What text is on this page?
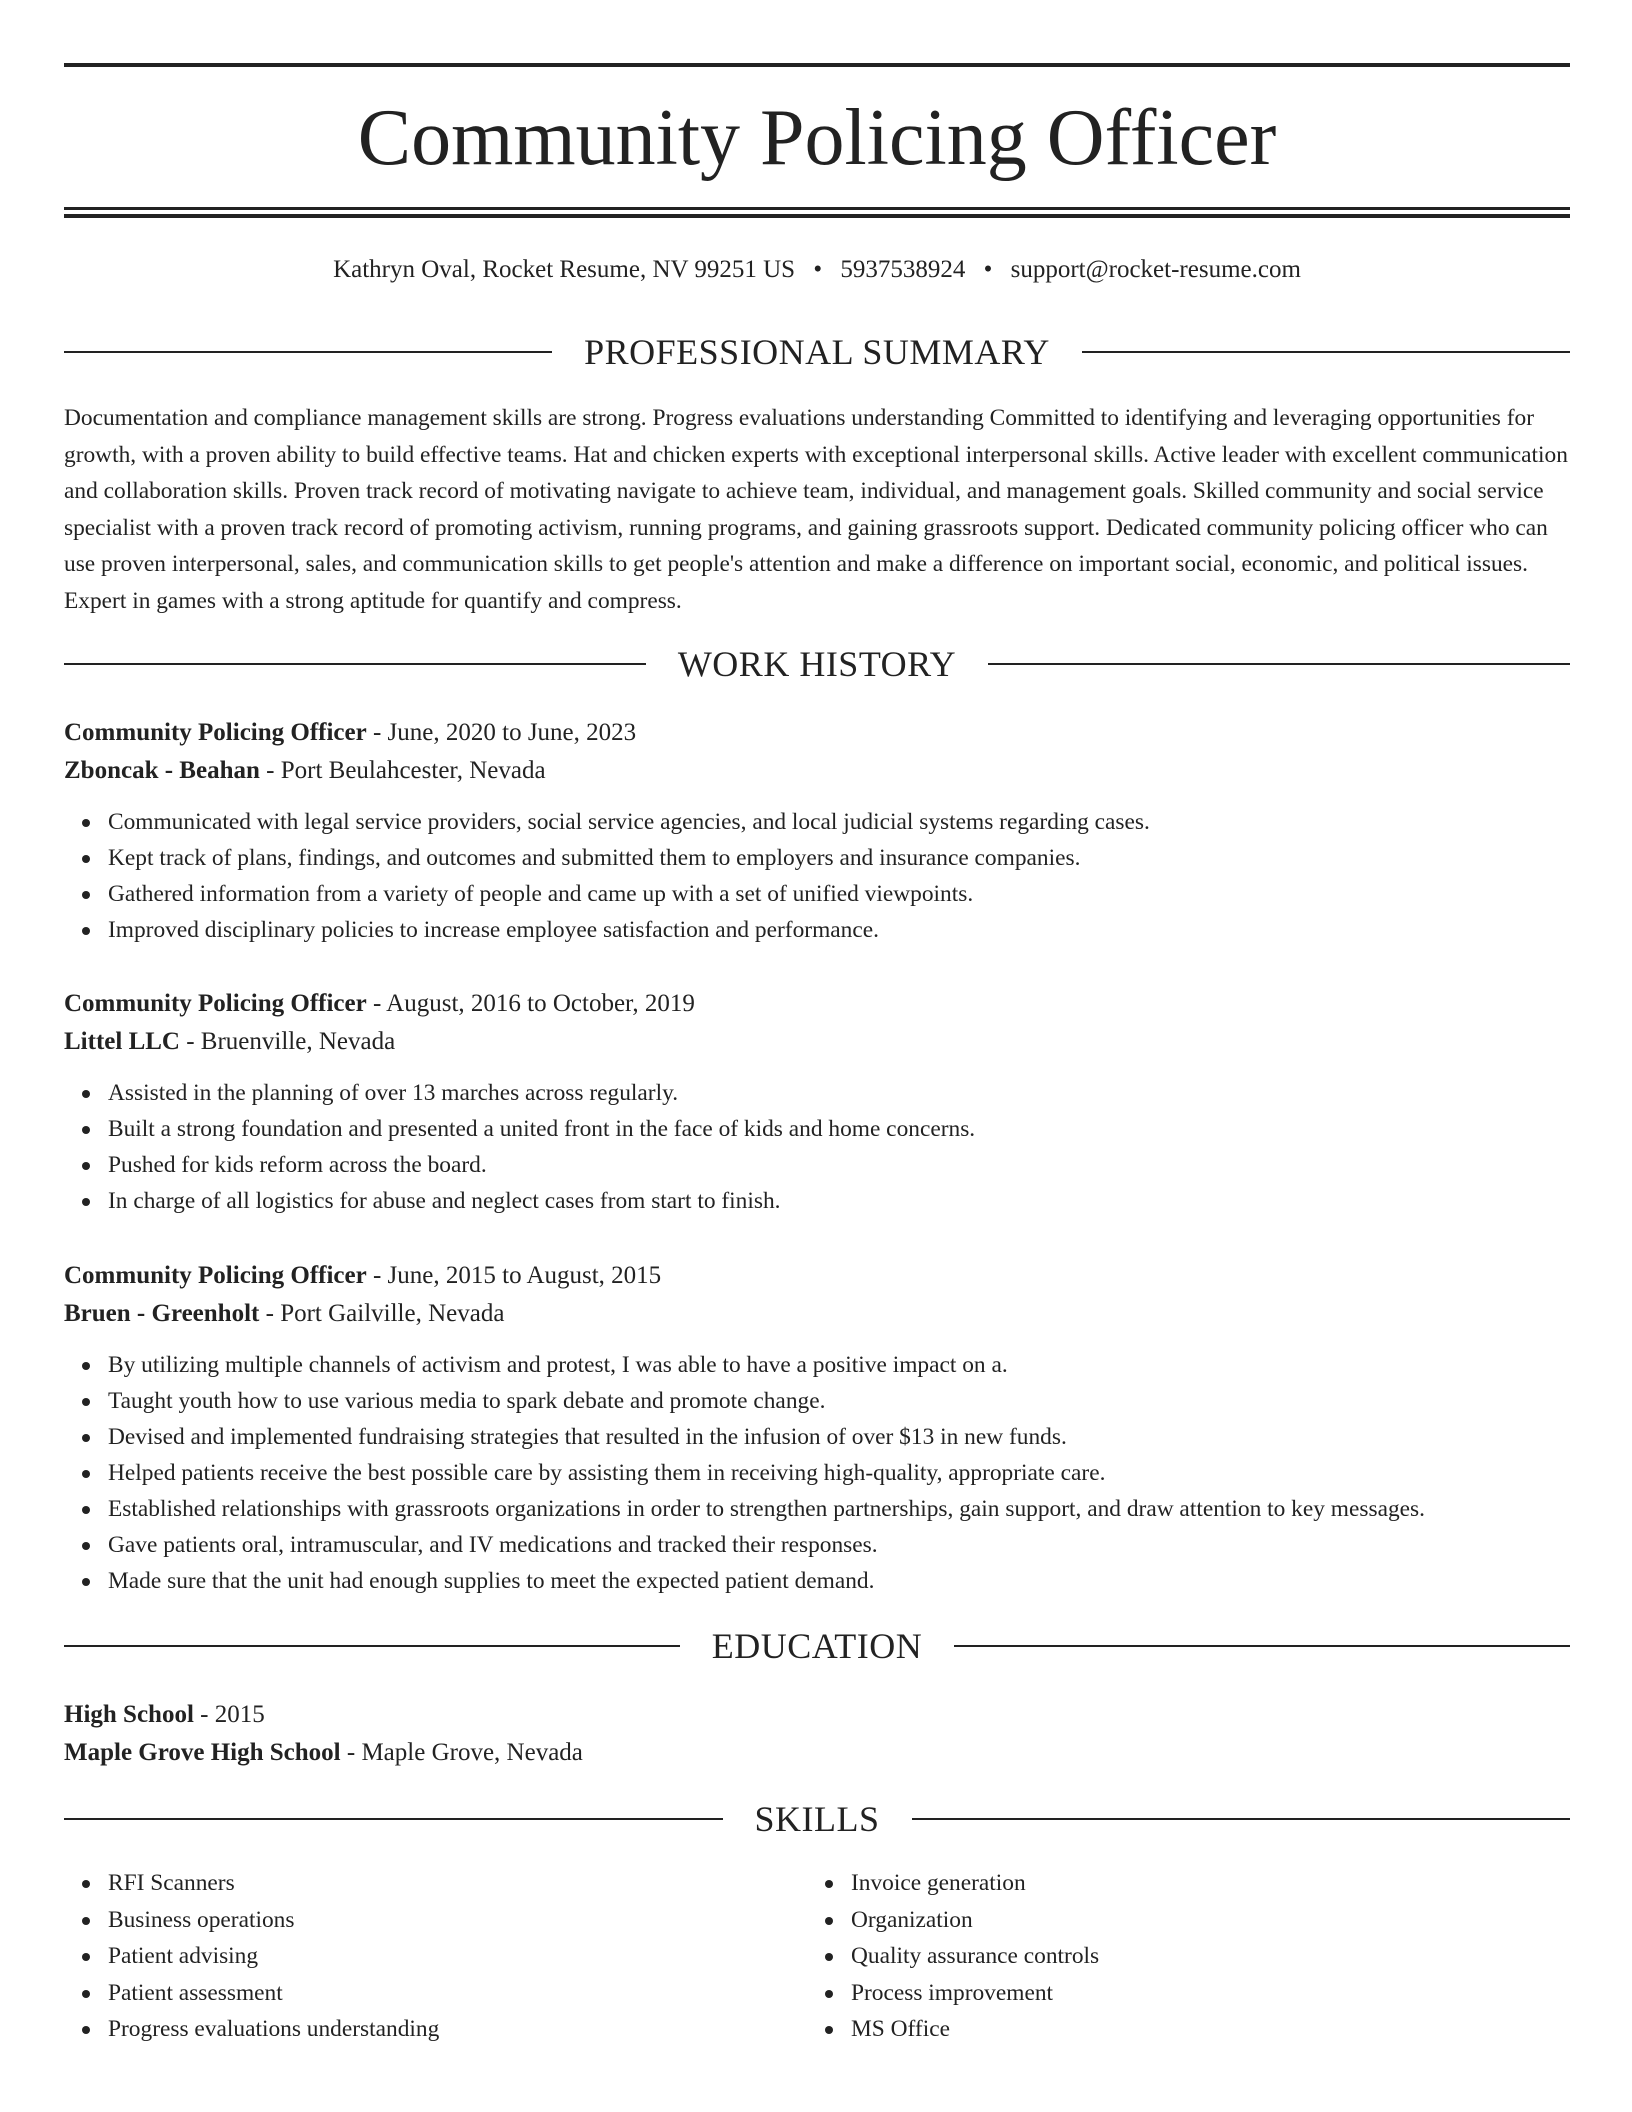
Community Policing Officer
Kathryn Oval, Rocket Resume, NV 99251 US • 5937538924 • support@rocket-resume.com
PROFESSIONAL SUMMARY

Documentation and compliance management skills are strong. Progress evaluations understanding Committed to identifying and leveraging opportunities for growth, with a proven ability to build effective teams. Hat and chicken experts with exceptional interpersonal skills. Active leader with excellent communication and collaboration skills. Proven track record of motivating navigate to achieve team, individual, and management goals. Skilled community and social service specialist with a proven track record of promoting activism, running programs, and gaining grassroots support. Dedicated community policing officer who can use proven interpersonal, sales, and communication skills to get people's attention and make a difference on important social, economic, and political issues. Expert in games with a strong aptitude for quantify and compress.

WORK HISTORY
Community Policing Officer - June, 2020 to June, 2023
Zboncak - Beahan - Port Beulahcester, Nevada
Communicated with legal service providers, social service agencies, and local judicial systems regarding cases.
Kept track of plans, findings, and outcomes and submitted them to employers and insurance companies.
Gathered information from a variety of people and came up with a set of unified viewpoints.
Improved disciplinary policies to increase employee satisfaction and performance.
Community Policing Officer - August, 2016 to October, 2019
Littel LLC - Bruenville, Nevada
Assisted in the planning of over 13 marches across regularly.
Built a strong foundation and presented a united front in the face of kids and home concerns.
Pushed for kids reform across the board.
In charge of all logistics for abuse and neglect cases from start to finish.
Community Policing Officer - June, 2015 to August, 2015
Bruen - Greenholt - Port Gailville, Nevada
By utilizing multiple channels of activism and protest, I was able to have a positive impact on a.
Taught youth how to use various media to spark debate and promote change.
Devised and implemented fundraising strategies that resulted in the infusion of over $13 in new funds.
Helped patients receive the best possible care by assisting them in receiving high-quality, appropriate care.
Established relationships with grassroots organizations in order to strengthen partnerships, gain support, and draw attention to key messages.
Gave patients oral, intramuscular, and IV medications and tracked their responses.
Made sure that the unit had enough supplies to meet the expected patient demand.
EDUCATION
High School - 2015
Maple Grove High School - Maple Grove, Nevada
SKILLS
RFI Scanners
Business operations
Patient advising
Patient assessment
Progress evaluations understanding
Invoice generation
Organization
Quality assurance controls
Process improvement
MS Office
